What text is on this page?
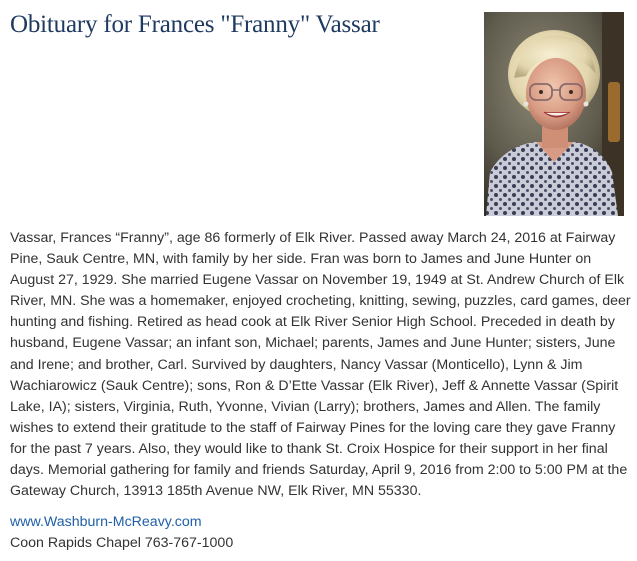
Obituary for Frances "Franny" Vassar

Vassar, Frances “Franny”, age 86 formerly of Elk River. Passed away March 24, 2016 at Fairway Pine, Sauk Centre, MN, with family by her side. Fran was born to James and June Hunter on August 27, 1929. She married Eugene Vassar on November 19, 1949 at St. Andrew Church of Elk River, MN. She was a homemaker, enjoyed crocheting, knitting, sewing, puzzles, card games, deer hunting and fishing. Retired as head cook at Elk River Senior High School. Preceded in death by husband, Eugene Vassar; an infant son, Michael; parents, James and June Hunter; sisters, June and Irene; and brother, Carl. Survived by daughters, Nancy Vassar (Monticello), Lynn & Jim Wachiarowicz (Sauk Centre); sons, Ron & D’Ette Vassar (Elk River), Jeff & Annette Vassar (Spirit Lake, IA); sisters, Virginia, Ruth, Yvonne, Vivian (Larry); brothers, James and Allen. The family wishes to extend their gratitude to the staff of Fairway Pines for the loving care they gave Franny for the past 7 years. Also, they would like to thank St. Croix Hospice for their support in her final days. Memorial gathering for family and friends Saturday, April 9, 2016 from 2:00 to 5:00 PM at the Gateway Church, 13913 185th Avenue NW, Elk River, MN 55330.

www.Washburn-McReavy.com

Coon Rapids Chapel 763-767-1000
